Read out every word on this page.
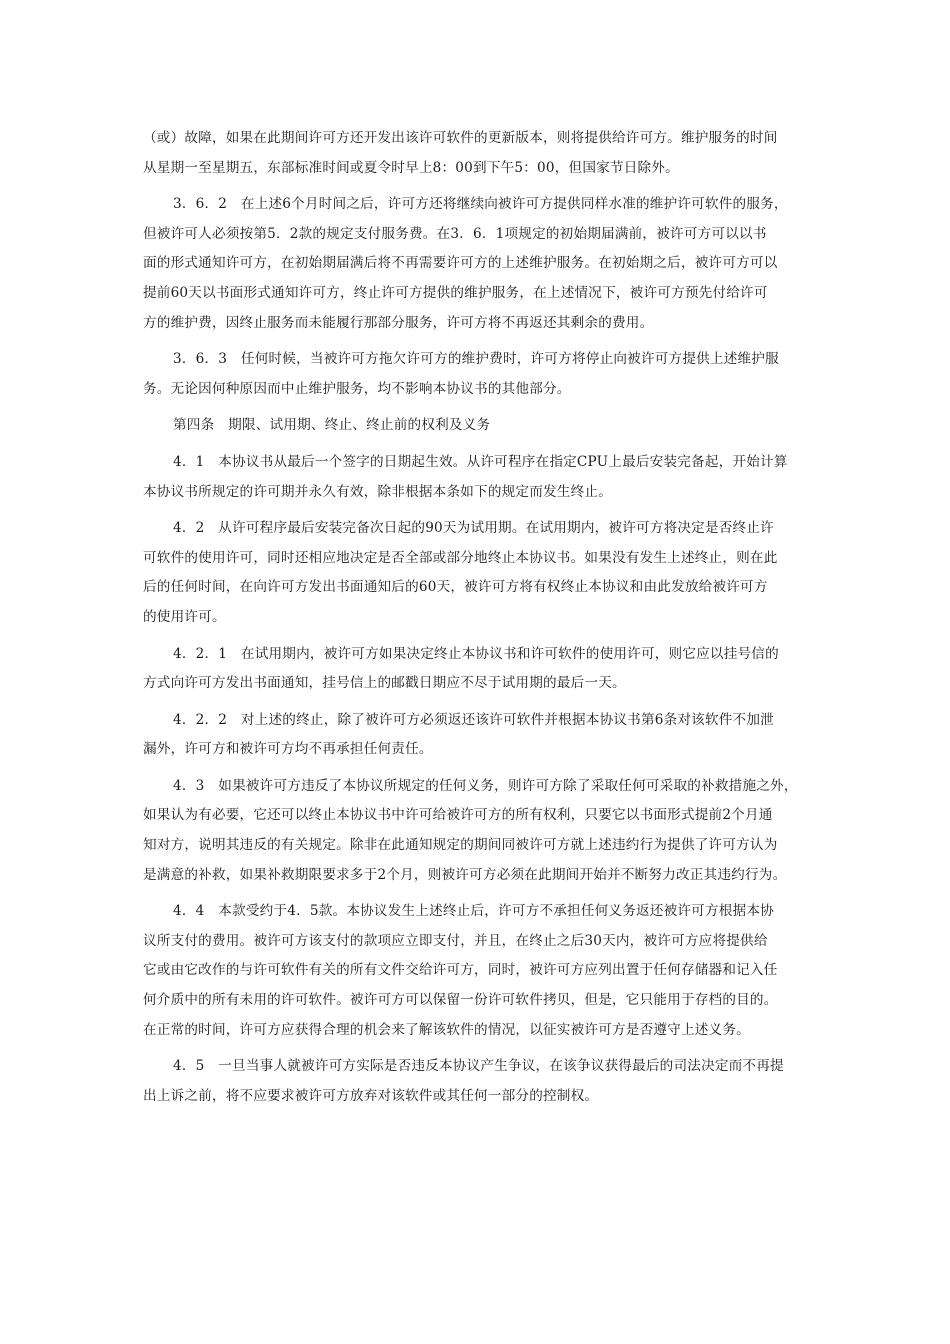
（或）故障，如果在此期间许可方还开发出该许可软件的更新版本，则将提供给许可方。维护服务的时间
从星期一至星期五，东部标准时间或夏令时早上8：00到下午5：00，但国家节日除外。
3．6．2　在上述6个月时间之后，许可方还将继续向被许可方提供同样水准的维护许可软件的服务，
但被许可人必须按第5．2款的规定支付服务费。在3．6．1项规定的初始期届满前，被许可方可以以书
面的形式通知许可方，在初始期届满后将不再需要许可方的上述维护服务。在初始期之后，被许可方可以
提前60天以书面形式通知许可方，终止许可方提供的维护服务，在上述情况下，被许可方预先付给许可
方的维护费，因终止服务而未能履行那部分服务，许可方将不再返还其剩余的费用。
3．6．3　任何时候，当被许可方拖欠许可方的维护费时，许可方将停止向被许可方提供上述维护服
务。无论因何种原因而中止维护服务，均不影响本协议书的其他部分。
第四条　期限、试用期、终止、终止前的权利及义务
4．1　本协议书从最后一个签字的日期起生效。从许可程序在指定CPU上最后安装完备起，开始计算
本协议书所规定的许可期并永久有效，除非根据本条如下的规定而发生终止。
4．2　从许可程序最后安装完备次日起的90天为试用期。在试用期内，被许可方将决定是否终止许
可软件的使用许可，同时还相应地决定是否全部或部分地终止本协议书。如果没有发生上述终止，则在此
后的任何时间，在向许可方发出书面通知后的60天，被许可方将有权终止本协议和由此发放给被许可方
的使用许可。
4．2．1　在试用期内，被许可方如果决定终止本协议书和许可软件的使用许可，则它应以挂号信的
方式向许可方发出书面通知，挂号信上的邮戳日期应不尽于试用期的最后一天。
4．2．2　对上述的终止，除了被许可方必须返还该许可软件并根据本协议书第6条对该软件不加泄
漏外，许可方和被许可方均不再承担任何责任。
4．3　如果被许可方违反了本协议所规定的任何义务，则许可方除了采取任何可采取的补救措施之外，
如果认为有必要，它还可以终止本协议书中许可给被许可方的所有权利，只要它以书面形式提前2个月通
知对方，说明其违反的有关规定。除非在此通知规定的期间同被许可方就上述违约行为提供了许可方认为
是满意的补救，如果补救期限要求多于2个月，则被许可方必须在此期间开始并不断努力改正其违约行为。
4．4　本款受约于4．5款。本协议发生上述终止后，许可方不承担任何义务返还被许可方根据本协
议所支付的费用。被许可方该支付的款项应立即支付，并且，在终止之后30天内，被许可方应将提供给
它或由它改作的与许可软件有关的所有文件交给许可方，同时，被许可方应列出置于任何存储器和记入任
何介质中的所有未用的许可软件。被许可方可以保留一份许可软件拷贝，但是，它只能用于存档的目的。
在正常的时间，许可方应获得合理的机会来了解该软件的情况，以征实被许可方是否遵守上述义务。
4．5　一旦当事人就被许可方实际是否违反本协议产生争议，在该争议获得最后的司法决定而不再提
出上诉之前，将不应要求被许可方放弃对该软件或其任何一部分的控制权。
